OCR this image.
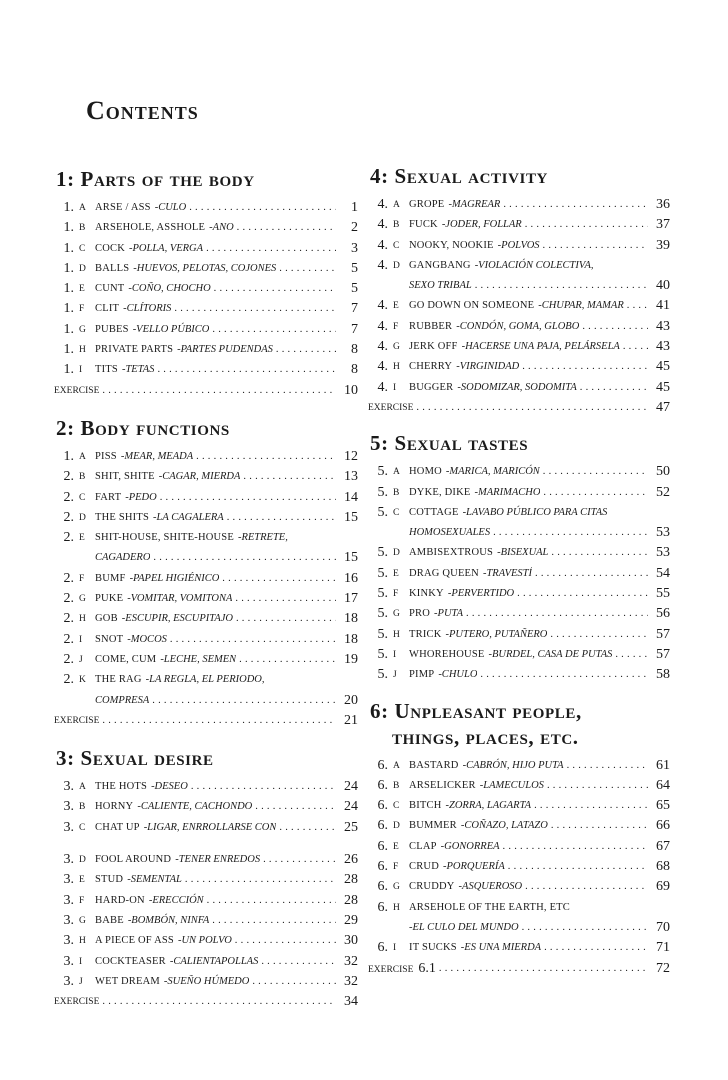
Contents
1: Parts of the body
1. A ARSE / ASS -CULO .....	1
1. B ARSEHOLE, ASSHOLE -ANO .....	2
1. C COCK -POLLA, VERGA .....	3
1. D BALLS -HUEVOS, PELOTAS, COJONES .....	5
1. E CUNT -COÑO, CHOCHO .....	5
1. F	CLIT -CLÍTORIS .....	7
1. G PUBES -VELLO PÚBICO .....	7
1. H PRIVATE PARTS -PARTES PUDENDAS .....	8
1. I	TITS -TETAS .....	8
EXERCISE .....	10
2: Body functions
1. A PISS -MEAR, MEADA .....	12
2. B SHIT, SHITE -CAGAR, MIERDA .....	13
2. C FART -PEDO .....	14
2. D THE SHITS -LA CAGALERA .....	15
2. E SHIT-HOUSE, SHITE-HOUSE -RETRETE,
CAGADERO .....	15
2. F	BUMF -PAPEL HIGIÉNICO .....	16
2. G PUKE -VOMITAR, VOMITONA .....	17
2. H GOB -ESCUPIR, ESCUPITAJO .....	18
2. I	SNOT -MOCOS .....	18
2. J	COME, CUM -LECHE, SEMEN .....	19
2. K THE RAG -LA REGLA, EL PERIODO,
COMPRESA .....	20
EXERCISE .....	21
3: Sexual desire
3. A THE HOTS -DESEO .....	24
3. B HORNY -CALIENTE, CACHONDO .....	24
3. C CHAT UP -LIGAR, ENRROLLARSE CON .....	25
3. D FOOL AROUND -TENER ENREDOS .....	26
3. E STUD -SEMENTAL .....	28
3. F	HARD-ON -ERECCIÓN .....	28
3. G BABE -BOMBÓN, NINFA .....	29
3. H A PIECE OF ASS -UN POLVO .....	30
3. I	COCKTEASER -CALIENTAPOLLAS .....	32
3. J	WET DREAM -SUEÑO HÚMEDO .....	32
EXERCISE .....	34
4: Sexual activity
4. A GROPE -MAGREAR .....	36
4. B FUCK -JODER, FOLLAR .....	37
4. C NOOKY, NOOKIE -POLVOS .....	39
4. D GANGBANG -VIOLACIÓN COLECTIVA,
SEXO TRIBAL .....	40
4. E GO DOWN ON SOMEONE -CHUPAR, MAMAR .....	41
4. F	RUBBER -CONDÓN, GOMA, GLOBO .....	43
4. G JERK OFF -HACERSE UNA PAJA, PELÁRSELA .....	43
4. H CHERRY -VIRGINIDAD .....	45
4. I	BUGGER -SODOMIZAR, SODOMITA .....	45
EXERCISE .....	47
5: Sexual tastes
5. A HOMO -MARICA, MARICÓN .....	50
5. B DYKE, DIKE -MARIMACHO .....	52
5. C COTTAGE -LAVABO PÚBLICO PARA CITAS
HOMOSEXUALES .....	53
5. D AMBISEXTROUS -BISEXUAL .....	53
5. E DRAG QUEEN -TRAVESTÍ .....	54
5. F	KINKY -PERVERTIDO .....	55
5. G PRO -PUTA .....	56
5. H TRICK -PUTERO, PUTAÑERO .....	57
5. I	WHOREHOUSE -BURDEL, CASA DE PUTAS .....	57
5. J	PIMP -CHULO .....	58
6: Unpleasant people,
things, places, etc.
6. A BASTARD -CABRÓN, HIJO PUTA .....	61
6. B ARSELICKER -LAMECULOS .....	64
6. C BITCH -ZORRA, LAGARTA .....	65
6. D BUMMER -COÑAZO, LATAZO .....	66
6. E CLAP -GONORREA .....	67
6. F	CRUD -PORQUERÍA .....	68
6. G CRUDDY -ASQUEROSO .....	69
6. H ARSEHOLE OF THE EARTH, ETC
-EL CULO DEL MUNDO .....	70
6. I	IT SUCKS -ES UNA MIERDA .....	71
EXERCISE 6.1 .....	72
